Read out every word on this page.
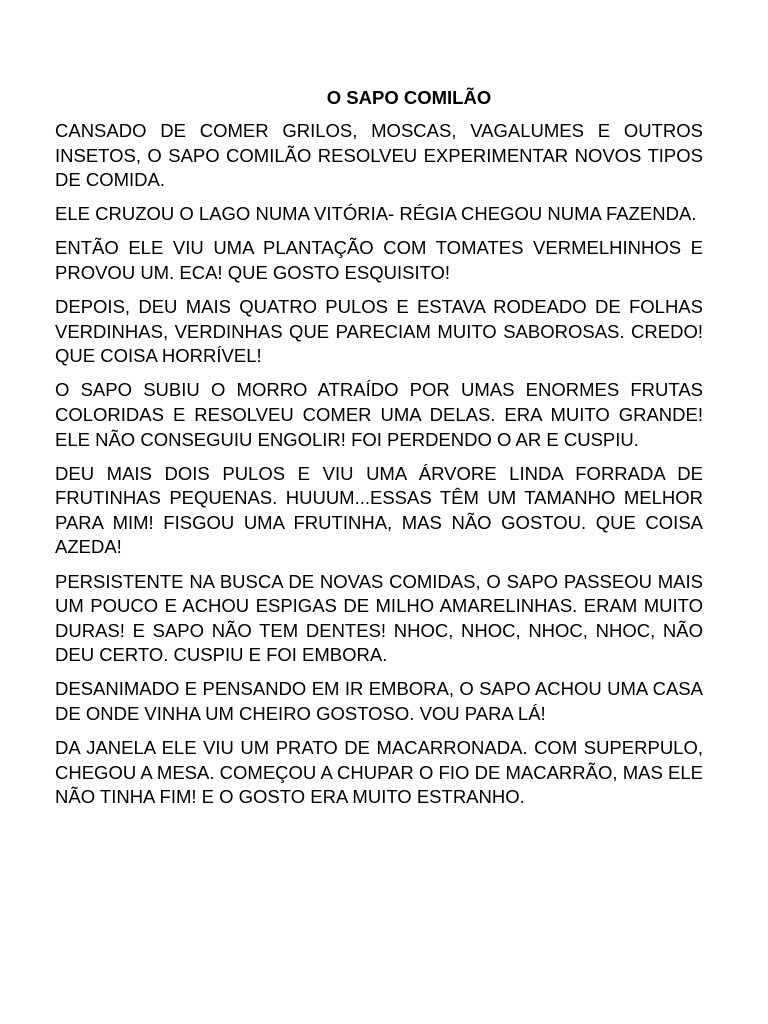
O SAPO COMILÃO

CANSADO DE COMER GRILOS, MOSCAS, VAGALUMES E OUTROS INSETOS, O SAPO COMILÃO RESOLVEU EXPERIMENTAR NOVOS TIPOS DE COMIDA.

ELE CRUZOU O LAGO NUMA VITÓRIA- RÉGIA CHEGOU NUMA FAZENDA.

ENTÃO ELE VIU UMA PLANTAÇÃO COM TOMATES VERMELHINHOS E PROVOU UM. ECA! QUE GOSTO ESQUISITO!

DEPOIS, DEU MAIS QUATRO PULOS E ESTAVA RODEADO DE FOLHAS VERDINHAS, VERDINHAS QUE PARECIAM MUITO SABOROSAS. CREDO! QUE COISA HORRÍVEL!

O SAPO SUBIU O MORRO ATRAÍDO POR UMAS ENORMES FRUTAS COLORIDAS E RESOLVEU COMER UMA DELAS. ERA MUITO GRANDE! ELE NÃO CONSEGUIU ENGOLIR! FOI PERDENDO O AR E CUSPIU.

DEU MAIS DOIS PULOS E VIU UMA ÁRVORE LINDA FORRADA DE FRUTINHAS PEQUENAS. HUUUM...ESSAS TÊM UM TAMANHO MELHOR PARA MIM! FISGOU UMA FRUTINHA, MAS NÃO GOSTOU. QUE COISA AZEDA!

PERSISTENTE NA BUSCA DE NOVAS COMIDAS, O SAPO PASSEOU MAIS UM POUCO E ACHOU ESPIGAS DE MILHO AMARELINHAS. ERAM MUITO DURAS! E SAPO NÃO TEM DENTES! NHOC, NHOC, NHOC, NHOC, NÃO DEU CERTO. CUSPIU E FOI EMBORA.

DESANIMADO E PENSANDO EM IR EMBORA, O SAPO ACHOU UMA CASA DE ONDE VINHA UM CHEIRO GOSTOSO. VOU PARA LÁ!

DA JANELA ELE VIU UM PRATO DE MACARRONADA. COM SUPERPULO, CHEGOU A MESA. COMEÇOU A CHUPAR O FIO DE MACARRÃO, MAS ELE NÃO TINHA FIM! E O GOSTO ERA MUITO ESTRANHO.
